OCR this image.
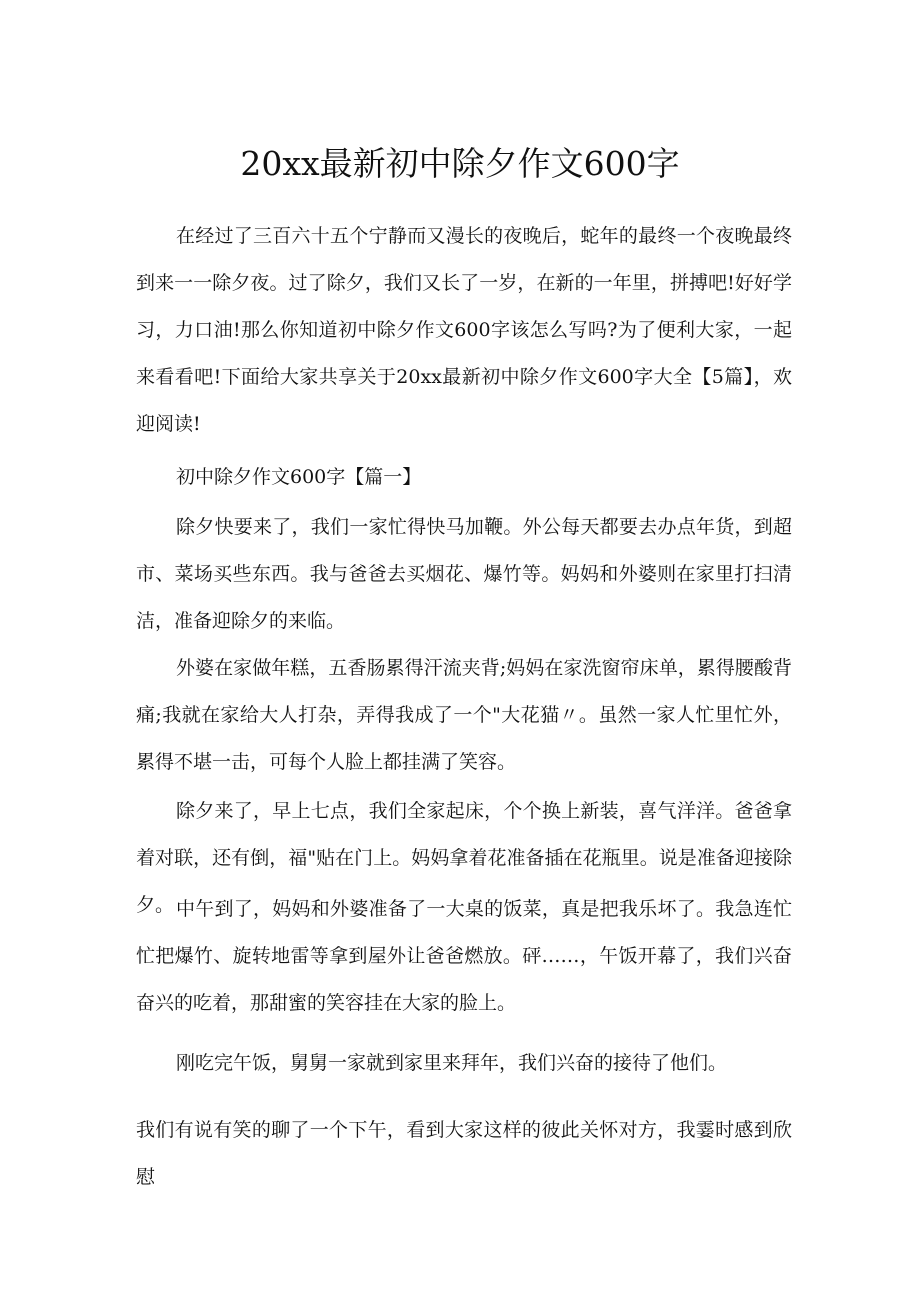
20xx最新初中除夕作文600字

在经过了三百六十五个宁静而又漫长的夜晚后，蛇年的最终一个夜晚最终到来一一除夕夜。过了除夕，我们又长了一岁，在新的一年里，拼搏吧!好好学习，力口油!那么你知道初中除夕作文600字该怎么写吗?为了便利大家，一起来看看吧!下面给大家共享关于20xx最新初中除夕作文600字大全【5篇】，欢迎阅读!

初中除夕作文600字【篇一】

除夕快要来了，我们一家忙得快马加鞭。外公每天都要去办点年货，到超市、菜场买些东西。我与爸爸去买烟花、爆竹等。妈妈和外婆则在家里打扫清洁，准备迎除夕的来临。

外婆在家做年糕，五香肠累得汗流夹背;妈妈在家洗窗帘床单，累得腰酸背痛;我就在家给大人打杂，弄得我成了一个"大花猫〃。虽然一家人忙里忙外，累得不堪一击，可每个人脸上都挂满了笑容。

除夕来了，早上七点，我们全家起床，个个换上新装，喜气洋洋。爸爸拿着对联，还有倒，福"贴在门上。妈妈拿着花准备插在花瓶里。说是准备迎接除夕。 中午到了，妈妈和外婆准备了一大桌的饭菜，真是把我乐坏了。我急连忙忙把爆竹、旋转地雷等拿到屋外让爸爸燃放。砰……，午饭开幕了，我们兴奋奋兴的吃着，那甜蜜的笑容挂在大家的脸上。

刚吃完午饭，舅舅一家就到家里来拜年，我们兴奋的接待了他们。

我们有说有笑的聊了一个下午，看到大家这样的彼此关怀对方，我霎时感到欣慰
